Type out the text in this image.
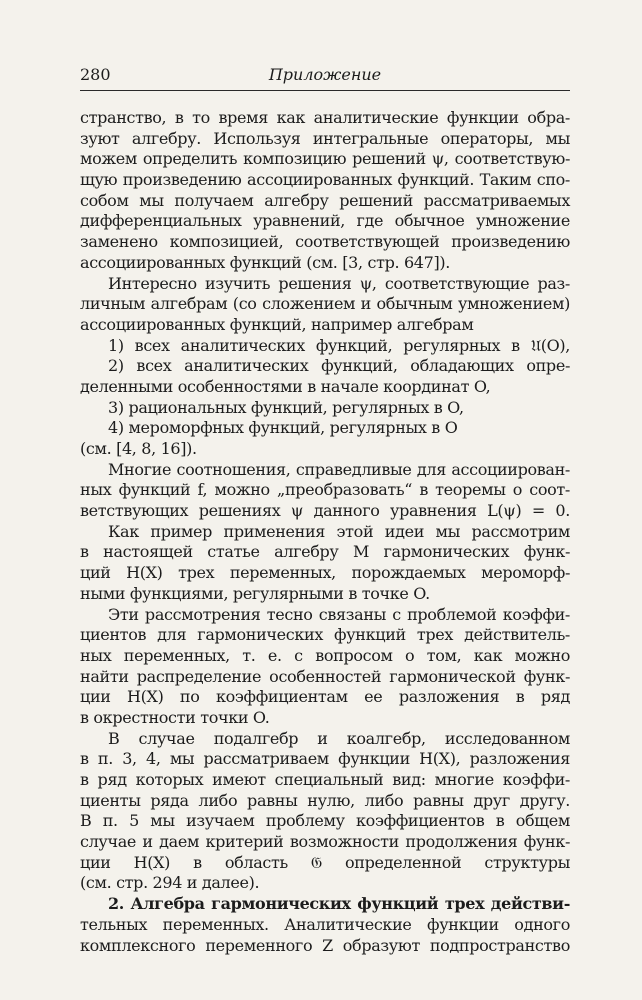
280	Приложение
странство, в то время как аналитические функции обра-
зуют алгебру. Используя интегральные операторы, мы
можем определить композицию решений ψ, соответствую-
щую произведению ассоциированных функций. Таким спо-
собом мы получаем алгебру решений рассматриваемых
дифференциальных уравнений, где обычное умножение
заменено композицией, соответствующей произведению
ассоциированных функций (см. [3, стр. 647]).
Интересно изучить решения ψ, соответствующие раз-
личным алгебрам (со сложением и обычным умножением)
ассоциированных функций, например алгебрам
1) всех аналитических функций, регулярных в 𝔘(O),
2) всех аналитических функций, обладающих опре-
деленными особенностями в начале координат O,
3) рациональных функций, регулярных в O,
4) мероморфных функций, регулярных в O
(см. [4, 8, 16]).
Многие соотношения, справедливые для ассоциирован-
ных функций f, можно „преобразовать“ в теоремы о соот-
ветствующих решениях ψ данного уравнения L(ψ) = 0.
Как пример применения этой идеи мы рассмотрим
в настоящей статье алгебру M гармонических функ-
ций H(X) трех переменных, порождаемых мероморф-
ными функциями, регулярными в точке O.
Эти рассмотрения тесно связаны с проблемой коэффи-
циентов для гармонических функций трех действитель-
ных переменных, т. е. с вопросом о том, как можно
найти распределение особенностей гармонической функ-
ции H(X) по коэффициентам ее разложения в ряд
в окрестности точки O.
В случае подалгебр и коалгебр, исследованном
в п. 3, 4, мы рассматриваем функции H(X), разложения
в ряд которых имеют специальный вид: многие коэффи-
циенты ряда либо равны нулю, либо равны друг другу.
В п. 5 мы изучаем проблему коэффициентов в общем
случае и даем критерий возможности продолжения функ-
ции H(X) в область 𝔊 определенной структуры
(см. стр. 294 и далее).
2. Алгебра гармонических функций трех действи-
тельных переменных. Аналитические функции одного
комплексного переменного Z образуют подпространство
